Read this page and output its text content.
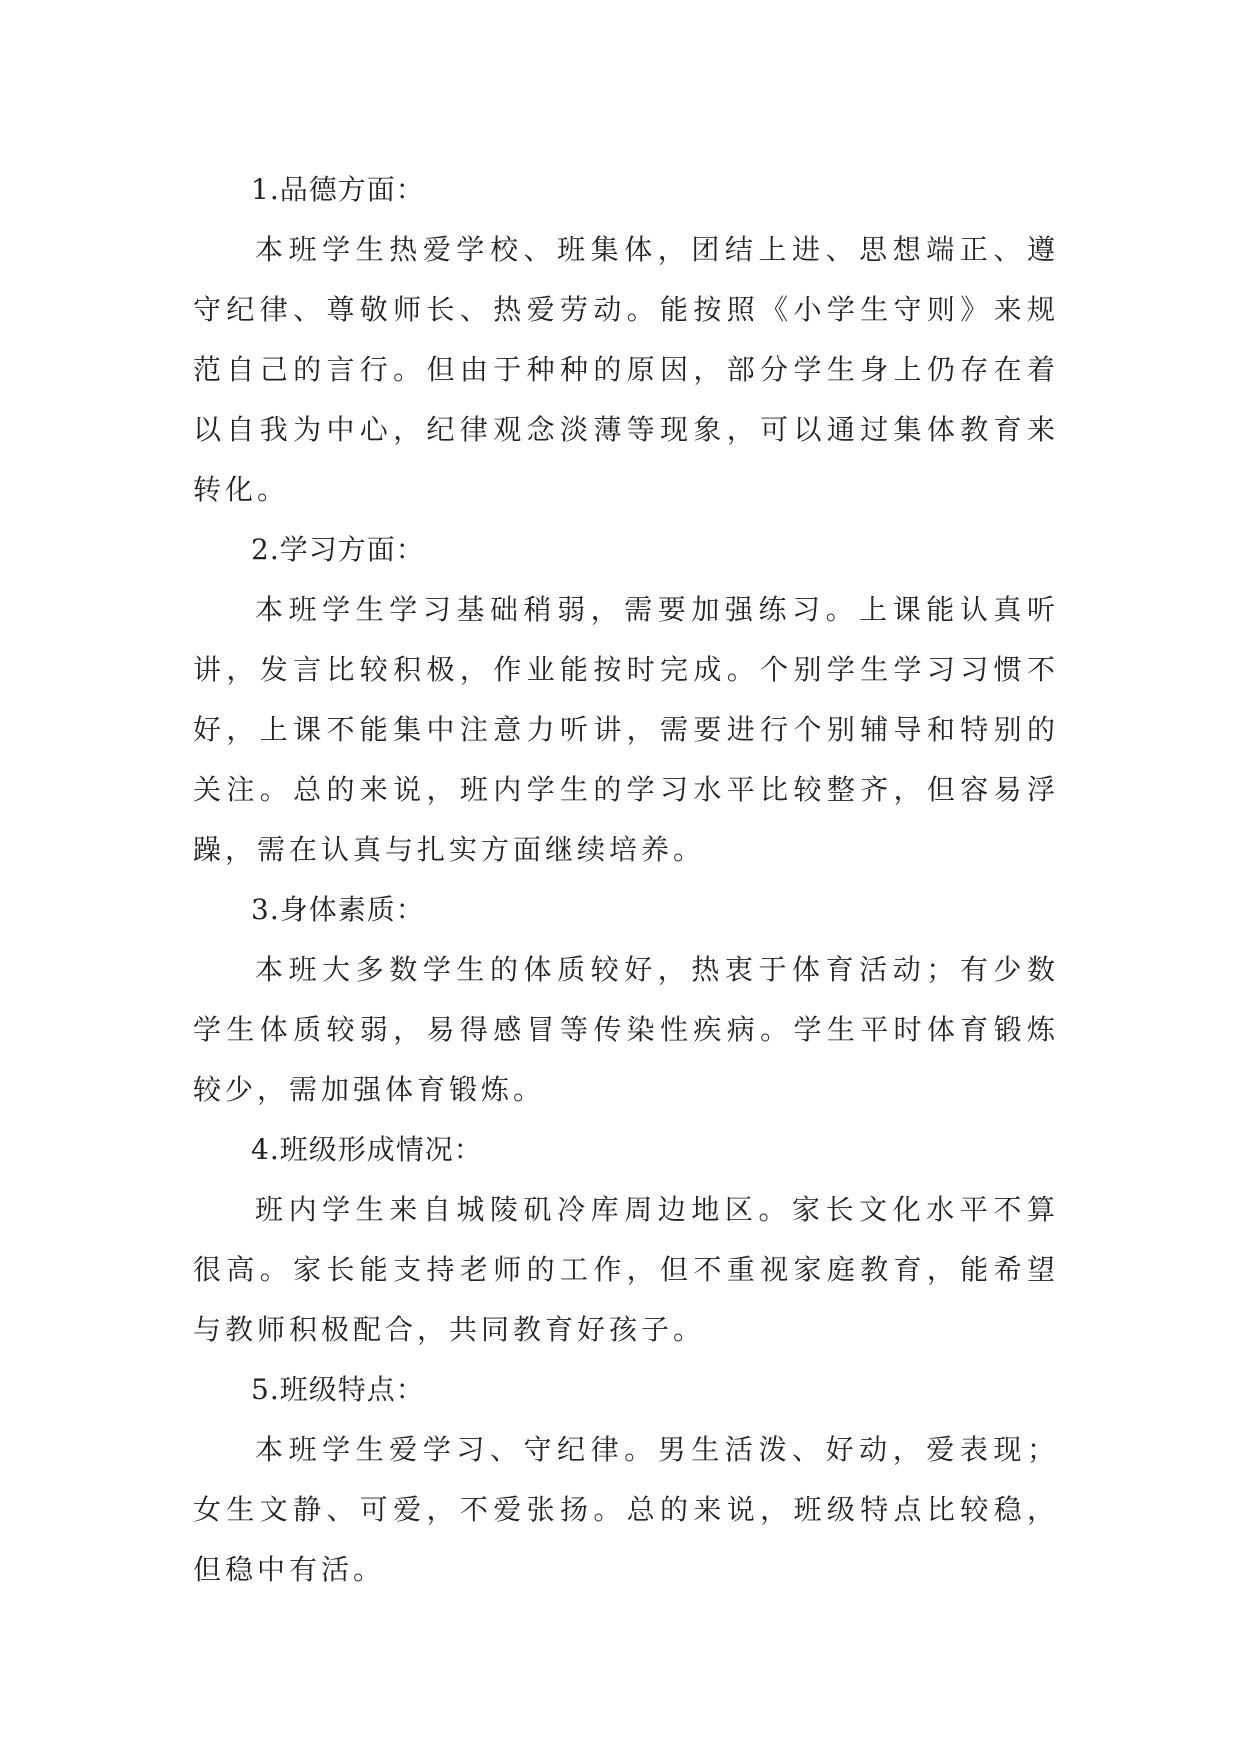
1.品德方面：
本班学生热爱学校、班集体，团结上进、思想端正、遵
守纪律、尊敬师长、热爱劳动。能按照《小学生守则》来规
范自己的言行。但由于种种的原因，部分学生身上仍存在着
以自我为中心，纪律观念淡薄等现象，可以通过集体教育来
转化。
2.学习方面：
本班学生学习基础稍弱，需要加强练习。上课能认真听
讲，发言比较积极，作业能按时完成。个别学生学习习惯不
好，上课不能集中注意力听讲，需要进行个别辅导和特别的
关注。总的来说，班内学生的学习水平比较整齐，但容易浮
躁，需在认真与扎实方面继续培养。
3.身体素质：
本班大多数学生的体质较好，热衷于体育活动；有少数
学生体质较弱，易得感冒等传染性疾病。学生平时体育锻炼
较少，需加强体育锻炼。
4.班级形成情况：
班内学生来自城陵矶冷库周边地区。家长文化水平不算
很高。家长能支持老师的工作，但不重视家庭教育，能希望
与教师积极配合，共同教育好孩子。
5.班级特点：
本班学生爱学习、守纪律。男生活泼、好动，爱表现；
女生文静、可爱，不爱张扬。总的来说，班级特点比较稳，
但稳中有活。
